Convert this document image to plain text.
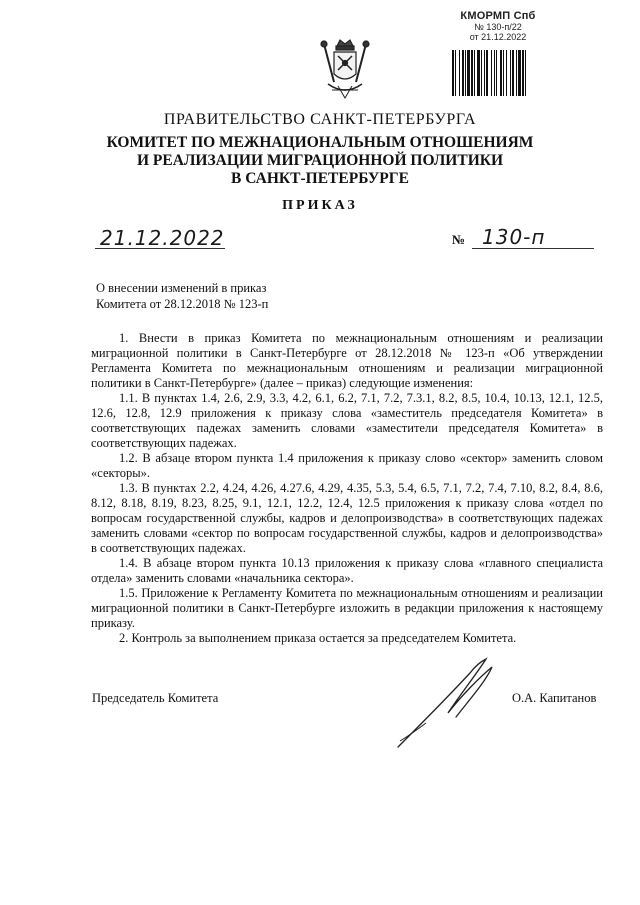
КМОРМП Спб
№ 130-п/22
от 21.12.2022
ПРАВИТЕЛЬСТВО САНКТ-ПЕТЕРБУРГА
КОМИТЕТ ПО МЕЖНАЦИОНАЛЬНЫМ ОТНОШЕНИЯМ
И РЕАЛИЗАЦИИ МИГРАЦИОННОЙ ПОЛИТИКИ
В САНКТ-ПЕТЕРБУРГЕ
ПРИКАЗ
21.12.2022	№ 130-п
О внесении изменений в приказ
Комитета от 28.12.2018 № 123-п
1. Внести в приказ Комитета по межнациональным отношениям и реализации миграционной политики в Санкт-Петербурге от 28.12.2018 № 123-п «Об утверждении Регламента Комитета по межнациональным отношениям и реализации миграционной политики в Санкт-Петербурге» (далее – приказ) следующие изменения:
1.1. В пунктах 1.4, 2.6, 2.9, 3.3, 4.2, 6.1, 6.2, 7.1, 7.2, 7.3.1, 8.2, 8.5, 10.4, 10.13, 12.1, 12.5, 12.6, 12.8, 12.9 приложения к приказу слова «заместитель председателя Комитета» в соответствующих падежах заменить словами «заместители председателя Комитета» в соответствующих падежах.
1.2. В абзаце втором пункта 1.4 приложения к приказу слово «сектор» заменить словом «секторы».
1.3. В пунктах 2.2, 4.24, 4.26, 4.27.6, 4.29, 4.35, 5.3, 5.4, 6.5, 7.1, 7.2, 7.4, 7.10, 8.2, 8.4, 8.6, 8.12, 8.18, 8.19, 8.23, 8.25, 9.1, 12.1, 12.2, 12.4, 12.5 приложения к приказу слова «отдел по вопросам государственной службы, кадров и делопроизводства» в соответствующих падежах заменить словами «сектор по вопросам государственной службы, кадров и делопроизводства» в соответствующих падежах.
1.4. В абзаце втором пункта 10.13 приложения к приказу слова «главного специалиста отдела» заменить словами «начальника сектора».
1.5. Приложение к Регламенту Комитета по межнациональным отношениям и реализации миграционной политики в Санкт-Петербурге изложить в редакции приложения к настоящему приказу.
2. Контроль за выполнением приказа остается за председателем Комитета.
Председатель Комитета	О.А. Капитанов
